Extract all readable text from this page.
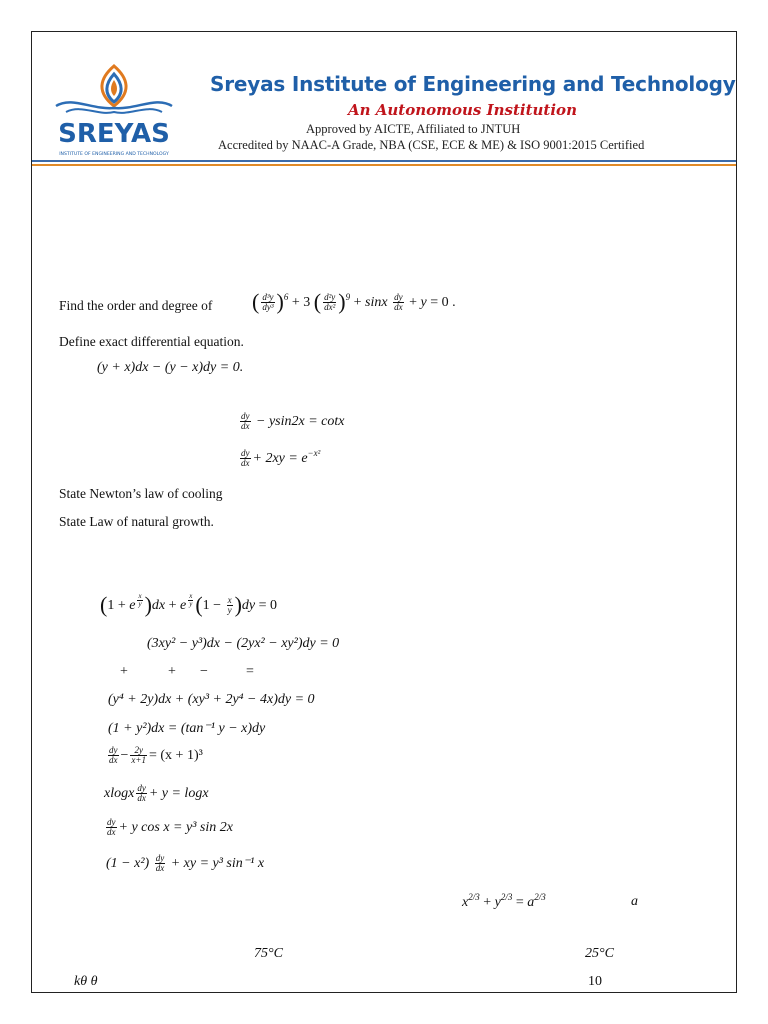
SREYAS
INSTITUTE OF ENGINEERING AND TECHNOLOGY
Sreyas Institute of Engineering and Technology
An Autonomous Institution
Approved by AICTE, Affiliated to JNTUH
Accredited by NAAC-A Grade, NBA (CSE, ECE & ME) & ISO 9001:2015 Certified
Find the order and degree of ( $\frac{\text{d³y}}{\text{dy³}} )^6 + 3$ ( $\frac{\text{d²y}}{\text{dx²}} )^9 + \sin x \frac{dy}{dx} + y = 0$ .
Define exact differential equation.
(y + x)dx − (y − x)dy = 0.
$\frac{dy}{dx} - ysin2x = \cot x$
$\frac{dy}{dx} + 2xy = e^{-x^2}$
State Newton’s law of cooling
State Law of natural growth.
(1 + e $^{\frac{x}{y}}$ )dx + e $^{\frac{x}{y}}$ $(1 - \frac{x}{y} )dy = 0$
(3xy² − y³)dx − (2yx² − xy²)dy = 0
+	+ −	=
(y⁴ + 2y)dx + (xy³ + 2y⁴ − 4x)dy = 0
(1 + y²)dx = (tan⁻¹ y − x)dy
$\frac{dy}{dx} - \frac{2y}{x+1} = (x + 1)^3$
xlogx $\frac{dy}{dx} + y = \log x$
$\frac{dy}{dx} + y$ cos x = y³ sin 2x
$(1 - x^2) \frac{dy}{dx}$ + xy = y³ sin⁻¹ x
$x^{2/3} + y^{2/3} = a^{2/3}$	a
75°C	25°C
kθ θ	10
